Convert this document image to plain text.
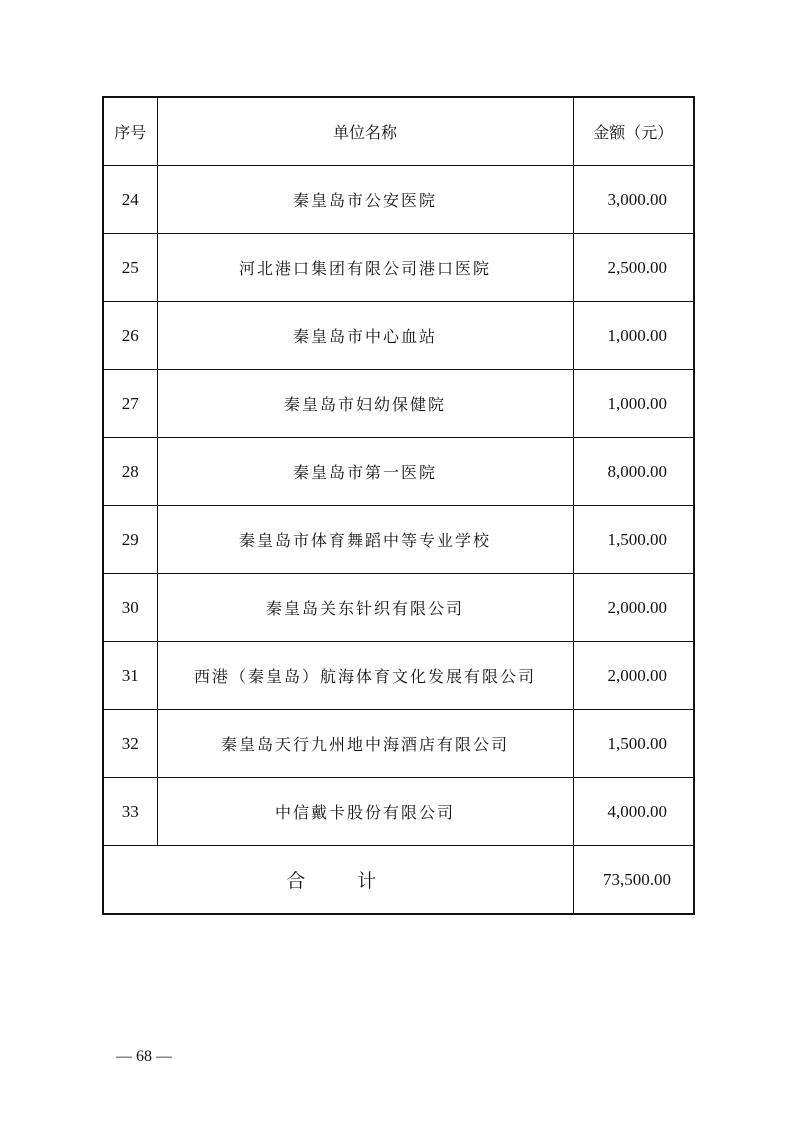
序号	单位名称	金额（元）
24	秦皇岛市公安医院	3,000.00
25	河北港口集团有限公司港口医院	2,500.00
26	秦皇岛市中心血站	1,000.00
27	秦皇岛市妇幼保健院	1,000.00
28	秦皇岛市第一医院	8,000.00
29	秦皇岛市体育舞蹈中等专业学校	1,500.00
30	秦皇岛关东针织有限公司	2,000.00
31	西港（秦皇岛）航海体育文化发展有限公司	2,000.00
32	秦皇岛天行九州地中海酒店有限公司	1,500.00
33	中信戴卡股份有限公司	4,000.00
合 计		73,500.00
— 68 —
